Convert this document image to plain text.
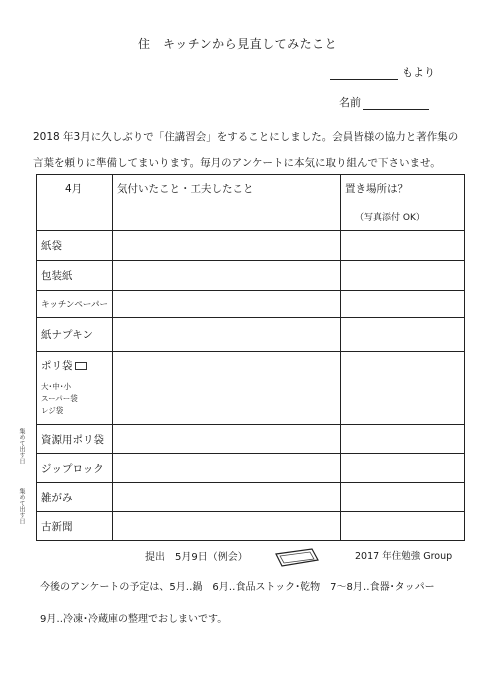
住　キッチンから見直してみたこと
もより
名前
2018 年3月に久しぶりで「住講習会」をすることにしました。会員皆様の協力と著作集の
言葉を頼りに準備してまいります。毎月のアンケートに本気に取り組んで下さいませ。
4月	気付いたこと・工夫したこと	置き場所は？
（写真添付 OK）

紙袋		
包装紙		
キッチンペーパー		
紙ナプキン		
ポリ袋
大･中･小
スーパー袋
レジ袋		

資源用ポリ袋		
ジップロック		
雑がみ		
古新聞		
集めて出す日
集めて出す日
提出　5月9日（例会）	2017 年住勉強 Group
今後のアンケートの予定は、5月‥鍋　6月‥食品ストック･乾物　7～8月‥食器･タッパー
9月‥冷凍･冷蔵庫の整理でおしまいです。
